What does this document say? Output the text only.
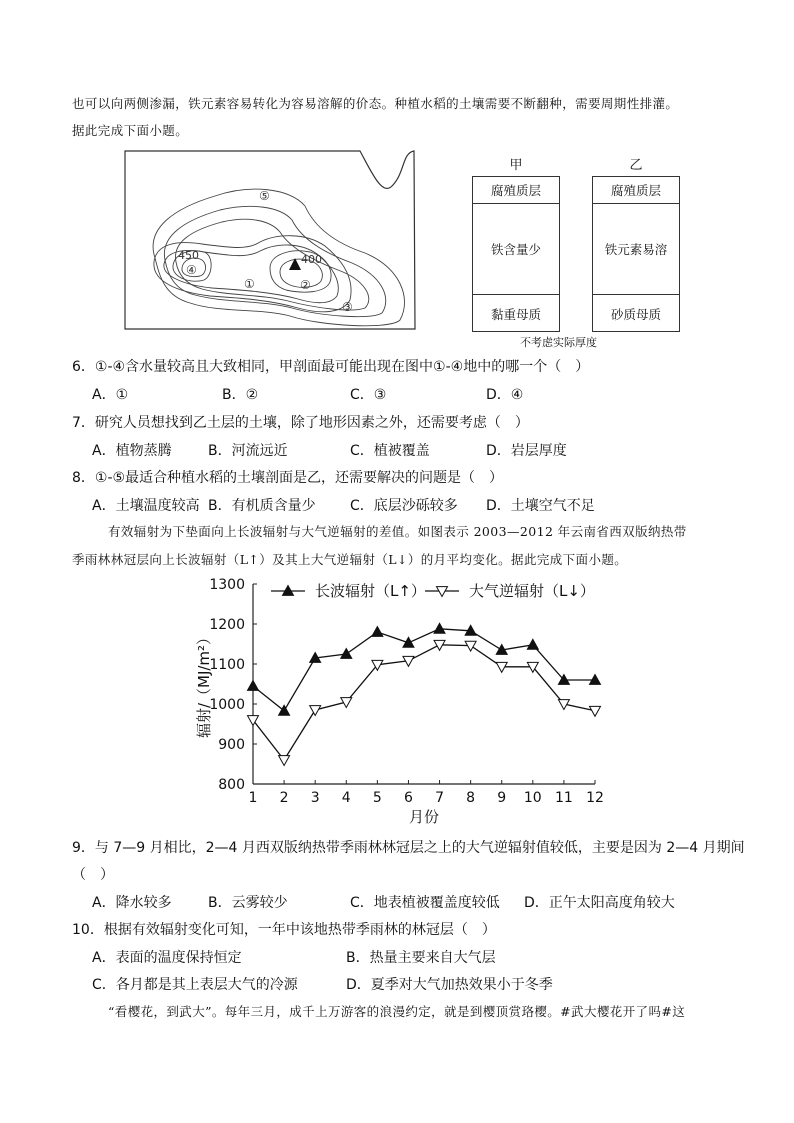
也可以向两侧渗漏，铁元素容易转化为容易溶解的价态。种植水稻的土壤需要不断翻种，需要周期性排灌。
据此完成下面小题。
450	400
④
①	②
③
⑤
甲
腐殖质层
铁含量少
黏重母质
乙
腐殖质层
铁元素易溶
砂质母质
不考虑实际厚度
6．①-④含水量较高且大致相同，甲剖面最可能出现在图中①-④地中的哪一个（　）
A．①	B．②	C．③	D．④
7．研究人员想找到乙土层的土壤，除了地形因素之外，还需要考虑（　）
A．植物蒸腾	B．河流远近	C．植被覆盖	D．岩层厚度
8．①-⑤最适合种植水稻的土壤剖面是乙，还需要解决的问题是（　）
A．土壤温度较高 B．有机质含量少 C．底层沙砾较多 D．土壤空气不足
有效辐射为下垫面向上长波辐射与大气逆辐射的差值。如图表示 2003—2012 年云南省西双版纳热带
季雨林林冠层向上长波辐射（L↑）及其上大气逆辐射（L↓）的月平均变化。据此完成下面小题。
800
900
1000
1100
1200
1300
1 2 3 4 5 6 7 8 9 10 11 12
月份
辐射/（MJ/m²）
长波辐射（L↑）	大气逆辐射（L↓）
9．与 7—9 月相比，2—4 月西双版纳热带季雨林林冠层之上的大气逆辐射值较低，主要是因为 2—4 月期间
（　）
A．降水较多	B．云雾较少	C．地表植被覆盖度较低 D．正午太阳高度角较大
10．根据有效辐射变化可知，一年中该地热带季雨林的林冠层（　）
A．表面的温度保持恒定	B．热量主要来自大气层
C．各月都是其上表层大气的冷源	D．夏季对大气加热效果小于冬季
“看樱花，到武大”。每年三月，成千上万游客的浪漫约定，就是到樱顶赏珞樱。#武大樱花开了吗#这
